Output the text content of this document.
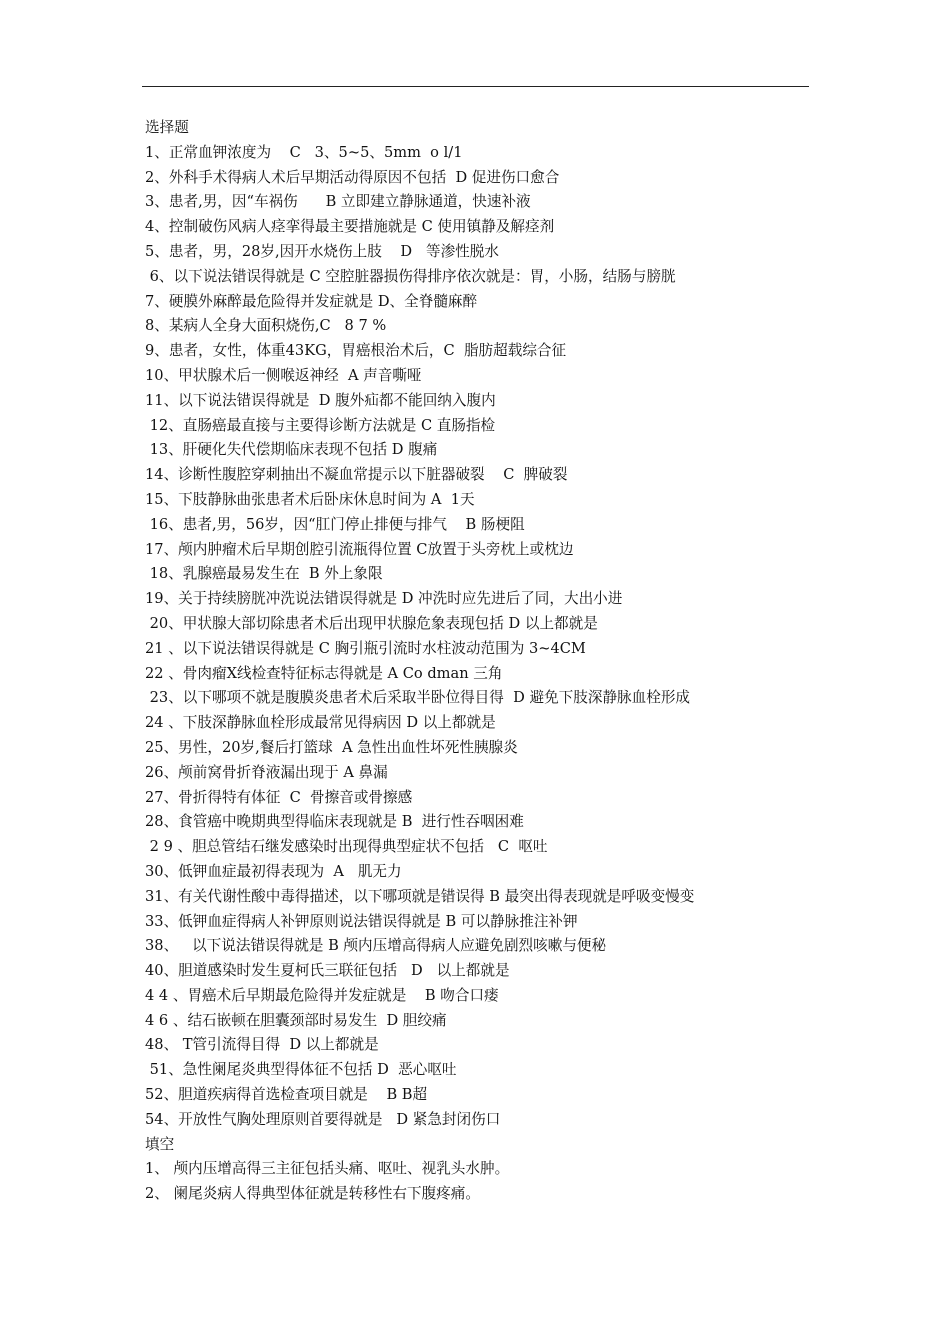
选择题
1、正常血钾浓度为    C   3、5~5、5mm  o l/1
2、外科手术得病人术后早期活动得原因不包括  D 促进伤口愈合
3、患者,男，因“车祸伤      B 立即建立静脉通道，快速补液
4、控制破伤风病人痉挛得最主要措施就是 C 使用镇静及解痉剂
5、患者，男，28岁,因开水烧伤上肢    D   等渗性脱水
6、以下说法错误得就是 C 空腔脏器损伤得排序依次就是：胃，小肠，结肠与膀胱
7、硬膜外麻醉最危险得并发症就是 D、全脊髓麻醉
8、某病人全身大面积烧伤,C   8 7 %
9、患者，女性，体重43KG，胃癌根治术后，C  脂肪超载综合征
10、甲状腺术后一侧喉返神经  A 声音嘶哑
11、以下说法错误得就是  D 腹外疝都不能回纳入腹内
12、直肠癌最直接与主要得诊断方法就是 C 直肠指检
13、肝硬化失代偿期临床表现不包括 D 腹痛
14、诊断性腹腔穿刺抽出不凝血常提示以下脏器破裂    C  脾破裂
15、下肢静脉曲张患者术后卧床休息时间为 A  1天
16、患者,男，56岁，因“肛门停止排便与排气    B 肠梗阻
17、颅内肿瘤术后早期创腔引流瓶得位置 C放置于头旁枕上或枕边
18、乳腺癌最易发生在  B 外上象限
19、关于持续膀胱冲洗说法错误得就是 D 冲洗时应先进后了同，大出小进
20、甲状腺大部切除患者术后出现甲状腺危象表现包括 D 以上都就是
21 、以下说法错误得就是 C 胸引瓶引流时水柱波动范围为 3~4CM
22 、骨肉瘤X线检查特征标志得就是 A Co dman 三角
23、以下哪项不就是腹膜炎患者术后采取半卧位得目得  D 避免下肢深静脉血栓形成
24 、下肢深静脉血栓形成最常见得病因 D 以上都就是
25、男性，20岁,餐后打篮球  A 急性出血性坏死性胰腺炎
26、颅前窝骨折脊液漏出现于 A 鼻漏
27、骨折得特有体征  C  骨擦音或骨擦感
28、食管癌中晚期典型得临床表现就是 B  进行性吞咽困难
2 9 、胆总管结石继发感染时出现得典型症状不包括   C  呕吐
30、低钾血症最初得表现为  A   肌无力
31、有关代谢性酸中毒得描述，以下哪项就是错误得 B 最突出得表现就是呼吸变慢变
33、低钾血症得病人补钾原则说法错误得就是 B 可以静脉推注补钾
38、   以下说法错误得就是 B 颅内压增高得病人应避免剧烈咳嗽与便秘
40、胆道感染时发生夏柯氏三联征包括   D   以上都就是
4 4 、胃癌术后早期最危险得并发症就是    B 吻合口瘘
4 6 、结石嵌顿在胆囊颈部时易发生  D 胆绞痛
48、 T管引流得目得  D 以上都就是
51、急性阑尾炎典型得体征不包括 D  恶心呕吐
52、胆道疾病得首选检查项目就是    B B超
54、开放性气胸处理原则首要得就是   D 紧急封闭伤口
填空
1、 颅内压增高得三主征包括头痛、呕吐、视乳头水肿。
2、 阑尾炎病人得典型体征就是转移性右下腹疼痛。
